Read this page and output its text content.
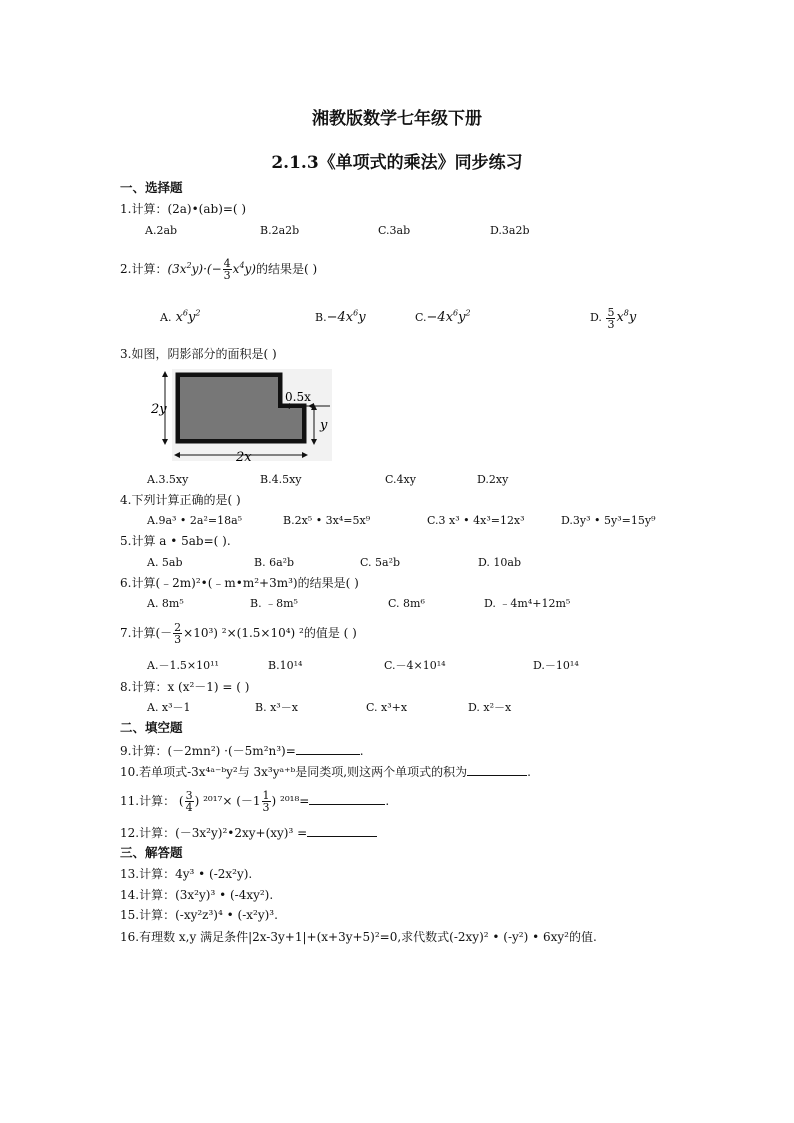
湘教版数学七年级下册
2.1.3《单项式的乘法》同步练习
一、选择题
1.计算：(2a)•(ab)=( )
A.2ab	B.2a2b	C.3ab	D.3a2b
2.计算：$(3x^2y)\cdot(- \frac{4}{3} x^4y)$的结果是( )
A. $x^6y^2$	$B.-4x^6y$	$C.-4x^6y^2$	D. $\frac{5}{3} x^8y$
3.如图，阴影部分的面积是( )
2y
2x
0.5x
y
A.3.5xy	B.4.5xy	C.4xy	D.2xy
4.下列计算正确的是( )
A.9a³ • 2a²=18a⁵	B.2x⁵ • 3x⁴=5x⁹	C.3 x³ • 4x³=12x³	D.3y³ • 5y³=15y⁹
5.计算 a • 5ab=( ).
A. 5ab	B. 6a²b	C. 5a²b	D. 10ab
6.计算(﹣2m)²•(﹣m•m²+3m³)的结果是( )
A. 8m⁵	B. ﹣8m⁵	C. 8m⁶	D. ﹣4m⁴+12m⁵
7.计算(－ $\frac{2}{3} \times 10^3$) ²×(1.5×10⁴) ²的值是 ( )
A.－1.5×10¹¹	B.10¹⁴	C.－4×10¹⁴	D.－10¹⁴
8.计算：x (x²－1) = ( )
A. x³－1	B. x³－x	C. x³+x	D. x²－x
二、填空题
9.计算：(－2mn²) ·(－5m²n³)=	.
10.若单项式-3x⁴ᵃ⁻ᵇy²与 3x³yᵃ⁺ᵇ是同类项,则这两个单项式的积为	.
11.计算： ( $\frac{3}{4}$ ) $^{2017}\times (-1 \frac{1}{3}$ ) ²⁰¹⁸=	.
12.计算：(－3x²y)²•2xy+(xy)³ =
三、解答题
13.计算：4y³ • (-2x²y).
14.计算：(3x²y)³ • (-4xy²).
15.计算：(-xy²z³)⁴ • (-x²y)³.
16.有理数 x,y 满足条件|2x-3y+1|+(x+3y+5)²=0,求代数式(-2xy)² • (-y²) • 6xy²的值.
